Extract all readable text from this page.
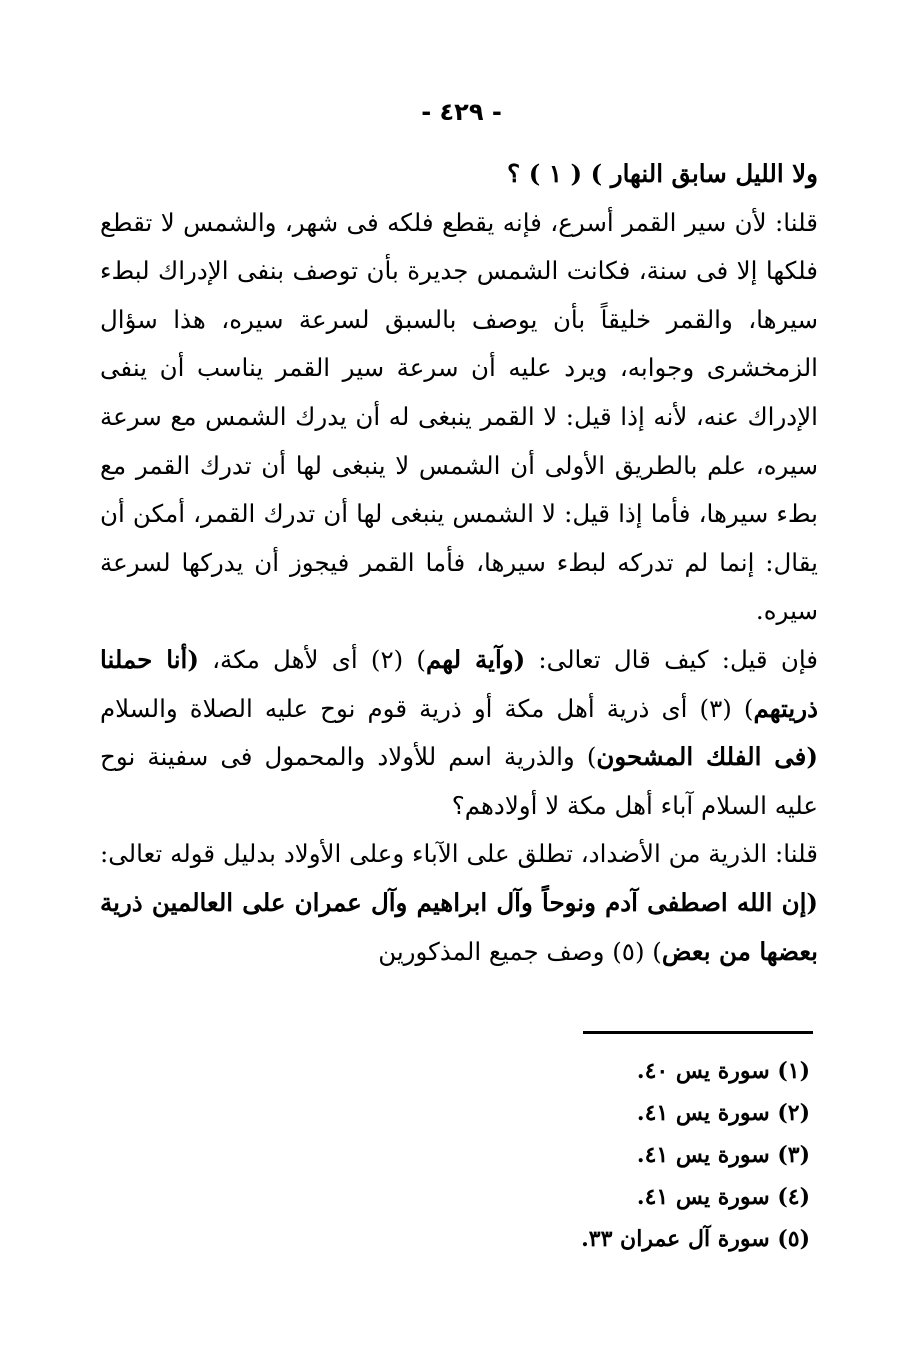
- ٤٢٩ -

ولا الليل سابق النهار ) ( ١ ) ؟

قلنا: لأن سير القمر أسرع، فإنه يقطع فلكه فى شهر، والشمس لا تقطع فلكها إلا فى سنة، فكانت الشمس جديرة بأن توصف بنفى الإدراك لبطء سيرها، والقمر خليقاً بأن يوصف بالسبق لسرعة سيره، هذا سؤال الزمخشرى وجوابه، ويرد عليه أن سرعة سير القمر يناسب أن ينفى الإدراك عنه، لأنه إذا قيل: لا القمر ينبغى له أن يدرك الشمس مع سرعة سيره، علم بالطريق الأولى أن الشمس لا ينبغى لها أن تدرك القمر مع بطء سيرها، فأما إذا قيل: لا الشمس ينبغى لها أن تدرك القمر، أمكن أن يقال: إنما لم تدركه لبطء سيرها، فأما القمر فيجوز أن يدركها لسرعة سيره.

فإن قيل: كيف قال تعالى: (وآية لهم) (٢) أى لأهل مكة، (أنا حملنا ذريتهم) (٣) أى ذرية أهل مكة أو ذرية قوم نوح عليه الصلاة والسلام (فى الفلك المشحون) والذرية اسم للأولاد والمحمول فى سفينة نوح عليه السلام آباء أهل مكة لا أولادهم؟

قلنا: الذرية من الأضداد، تطلق على الآباء وعلى الأولاد بدليل قوله تعالى: (إن الله اصطفى آدم ونوحاً وآل ابراهيم وآل عمران على العالمين ذرية بعضها من بعض) (٥) وصف جميع المذكورين

(١) سورة يس ٤٠.
(٢) سورة يس ٤١.
(٣) سورة يس ٤١.
(٤) سورة يس ٤١.
(٥) سورة آل عمران ٣٣.
